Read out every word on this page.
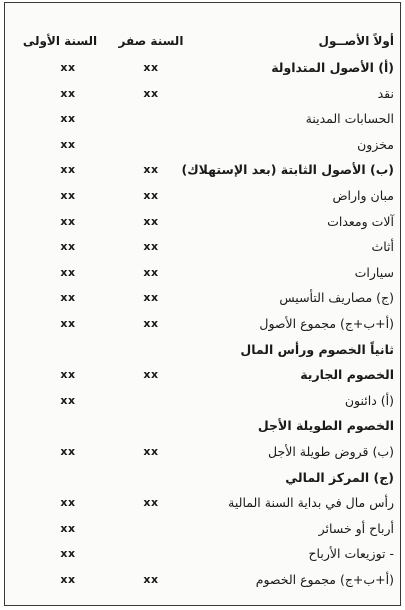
أولاً الأصــول
السنة صفر
السنة الأولى
(أ) الأصول المتداولة
xx
xx
نقد
xx
xx
الحسابات المدينة
xx
مخزون
xx
(ب) الأصول الثابتة (بعد الإستهلاك)
xx
xx
مبان واراض
xx
xx
آلات ومعدات
xx
xx
أثاث
xx
xx
سيارات
xx
xx
(ج) مصاريف التأسيس
xx
xx
(أ+ب+ج) مجموع الأصول
xx
xx
ثانياً الخصوم ورأس المال
الخصوم الجارية
xx
xx
(أ) دائنون
xx
الخصوم الطويلة الأجل
(ب) قروض طويلة الأجل
xx
xx
(ج) المركز المالي
رأس مال في بداية السنة المالية
xx
xx
أرباح أو خسائر
xx
- توزيعات الأرباح
xx
(أ+ب+ج) مجموع الخصوم
xx
xx
